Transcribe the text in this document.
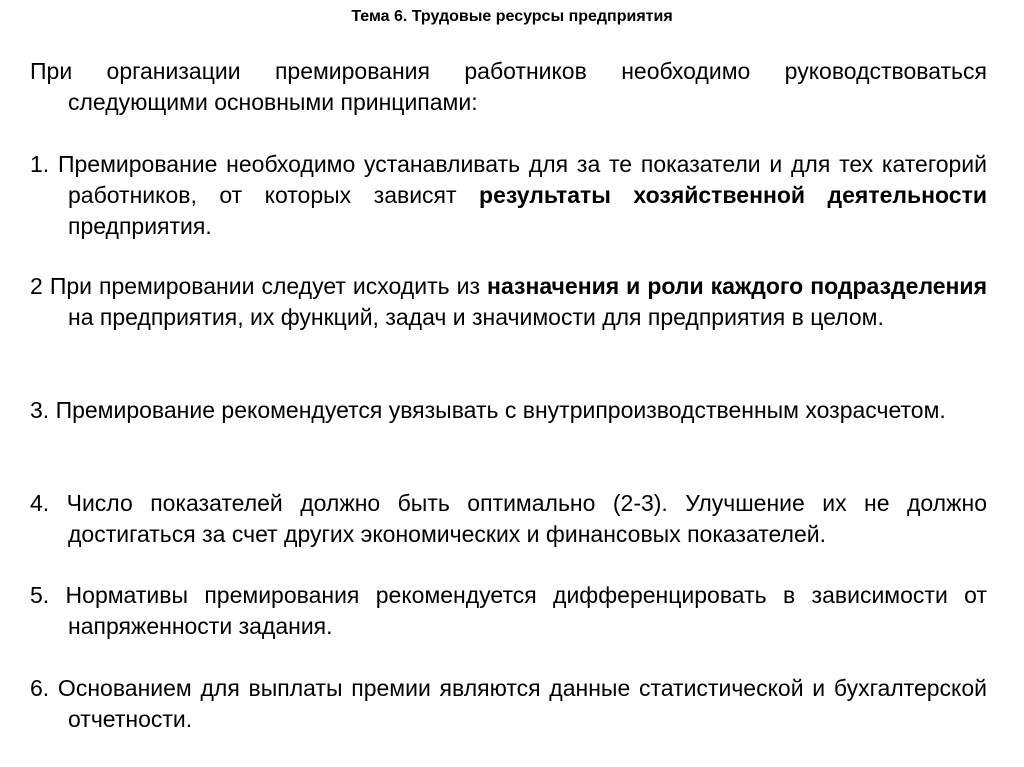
Тема 6. Трудовые ресурсы предприятия
При организации премирования работников необходимо руководствоваться следующими основными принципами:
1. Премирование необходимо устанавливать для за те показатели и для тех категорий работников, от которых зависят результаты хозяйственной деятельности предприятия.
2 При премировании следует исходить из назначения и роли каждого подразделения на предприятия, их функций, задач и значимости для предприятия в целом.
3. Премирование рекомендуется увязывать с внутрипроизводственным хозрасчетом.
4. Число показателей должно быть оптимально (2-3). Улучшение их не должно достигаться за счет других экономических и финансовых показателей.
5. Нормативы премирования рекомендуется дифференцировать в зависимости от напряженности задания.
6. Основанием для выплаты премии являются данные статистической и бухгалтерской отчетности.
